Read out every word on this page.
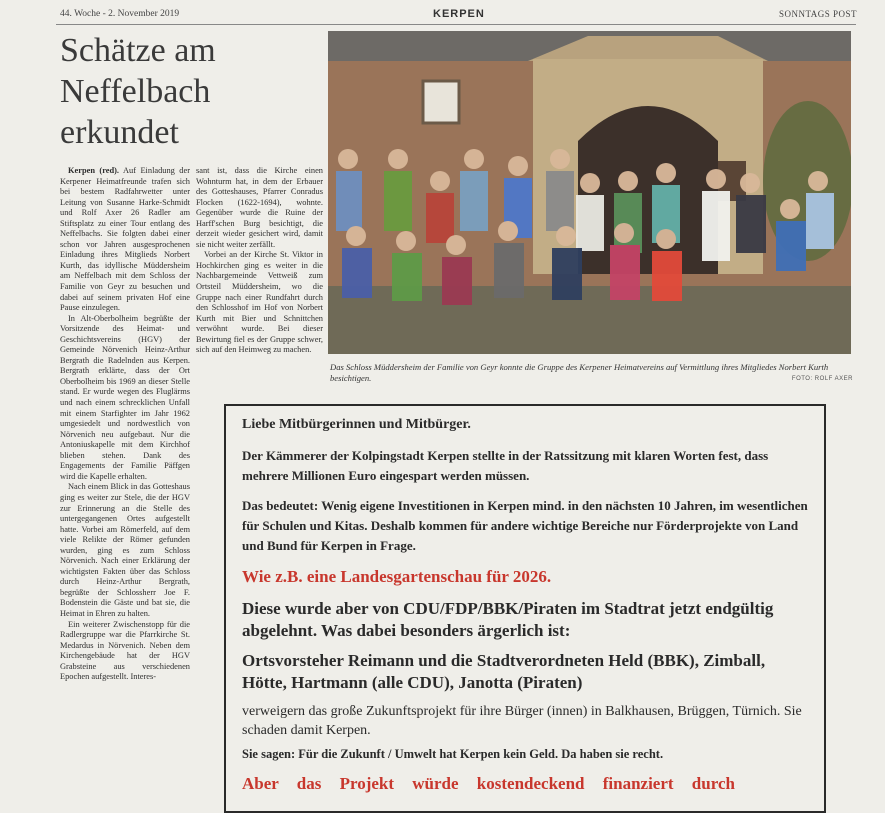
44. Woche - 2. November 2019	KERPEN	SONNTAGS POST
Schätze am Neffelbach erkundet
Das Schloss Müddersheim der Familie von Geyr konnte die Gruppe des Kerpener Heimatvereins auf Vermittlung ihres Mitgliedes Norbert Kurth besichtigen.	FOTO: ROLF AXER

Kerpen (red). Auf Einladung der Kerpener Heimatfreunde trafen sich bei bestem Radfahrwetter unter Leitung von Susanne Harke-Schmidt und Rolf Axer 26 Radler am Stiftsplatz zu einer Tour entlang des Neffelbachs. Sie folgten dabei einer schon vor Jahren ausgesprochenen Einladung ihres Mitglieds Norbert Kurth, das idyllische Müddersheim am Neffelbach mit dem Schloss der Familie von Geyr zu besuchen und dabei auf seinem privaten Hof eine Pause einzulegen.

In Alt-Oberbolheim begrüßte der Vorsitzende des Heimat- und Geschichtsvereins (HGV) der Gemeinde Nörvenich Heinz-Arthur Bergrath die Radelnden aus Kerpen. Bergrath erklärte, dass der Ort Oberbolheim bis 1969 an dieser Stelle stand. Er wurde wegen des Fluglärms und nach einem schrecklichen Unfall mit einem Starfighter im Jahr 1962 umgesiedelt und nordwestlich von Nörvenich neu aufgebaut. Nur die Antoniuskapelle mit dem Kirchhof blieben stehen. Dank des Engagements der Familie Päffgen wird die Kapelle erhalten.

Nach einem Blick in das Gotteshaus ging es weiter zur Stele, die der HGV zur Erinnerung an die Stelle des untergegangenen Ortes aufgestellt hatte. Vorbei am Römerfeld, auf dem viele Relikte der Römer gefunden wurden, ging es zum Schloss Nörvenich. Nach einer Erklärung der wichtigsten Fakten über das Schloss durch Heinz-Arthur Bergrath, begrüßte der Schlossherr Joe F. Bodenstein die Gäste und bat sie, die Heimat in Ehren zu halten.

Ein weiterer Zwischenstopp für die Radlergruppe war die Pfarrkirche St. Medardus in Nörvenich. Neben dem Kirchengebäude hat der HGV Grabsteine aus verschiedenen Epochen aufgestellt. Interes-

sant ist, dass die Kirche einen Wohnturm hat, in dem der Erbauer des Gotteshauses, Pfarrer Conradus Flocken (1622-1694), wohnte. Gegenüber wurde die Ruine der Harff'schen Burg besichtigt, die derzeit wieder gesichert wird, damit sie nicht weiter zerfällt.

Vorbei an der Kirche St. Viktor in Hochkirchen ging es weiter in die Nachbargemeinde Vettweiß zum Ortsteil Müddersheim, wo die Gruppe nach einer Rundfahrt durch den Schlosshof im Hof von Norbert Kurth mit Bier und Schnittchen verwöhnt wurde. Bei dieser Bewirtung fiel es der Gruppe schwer, sich auf den Heimweg zu machen.

Liebe Mitbürgerinnen und Mitbürger.

Der Kämmerer der Kolpingstadt Kerpen stellte in der Ratssitzung mit klaren Worten fest, dass mehrere Millionen Euro eingespart werden müssen.

Das bedeutet: Wenig eigene Investitionen in Kerpen mind. in den nächsten 10 Jahren, im wesentlichen für Schulen und Kitas. Deshalb kommen für andere wichtige Bereiche nur Förderprojekte von Land und Bund für Kerpen in Frage.

Wie z.B. eine Landesgartenschau für 2026.

Diese wurde aber von CDU/FDP/BBK/Piraten im Stadtrat jetzt endgültig abgelehnt. Was dabei besonders ärgerlich ist:

Ortsvorsteher Reimann und die Stadtverordneten Held (BBK), Zimball, Hötte, Hartmann (alle CDU), Janotta (Piraten)

verweigern das große Zukunftsprojekt für ihre Bürger (innen) in Balkhausen, Brüggen, Türnich. Sie schaden damit Kerpen.

Sie sagen: Für die Zukunft / Umwelt hat Kerpen kein Geld. Da haben sie recht.

Aber das Projekt würde kostendeckend finanziert durch
